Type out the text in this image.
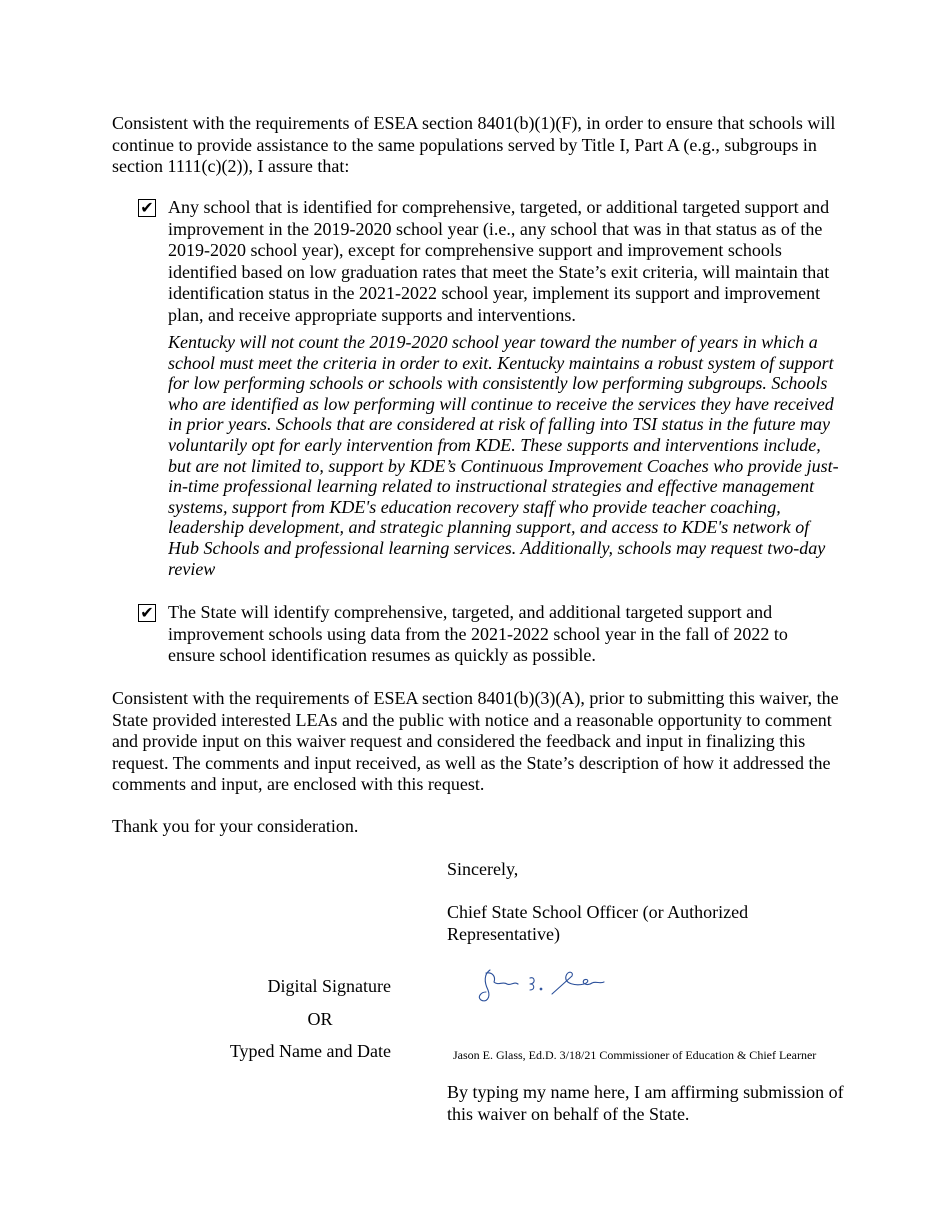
Consistent with the requirements of ESEA section 8401(b)(1)(F), in order to ensure that schools will continue to provide assistance to the same populations served by Title I, Part A (e.g., subgroups in section 1111(c)(2)), I assure that:

✔ Any school that is identified for comprehensive, targeted, or additional targeted support and improvement in the 2019-2020 school year (i.e., any school that was in that status as of the 2019-2020 school year), except for comprehensive support and improvement schools identified based on low graduation rates that meet the State’s exit criteria, will maintain that identification status in the 2021-2022 school year, implement its support and improvement plan, and receive appropriate supports and interventions.

Kentucky will not count the 2019-2020 school year toward the number of years in which a school must meet the criteria in order to exit. Kentucky maintains a robust system of support for low performing schools or schools with consistently low performing subgroups. Schools who are identified as low performing will continue to receive the services they have received in prior years. Schools that are considered at risk of falling into TSI status in the future may voluntarily opt for early intervention from KDE. These supports and interventions include, but are not limited to, support by KDE’s Continuous Improvement Coaches who provide just-in-time professional learning related to instructional strategies and effective management systems, support from KDE's education recovery staff who provide teacher coaching, leadership development, and strategic planning support, and access to KDE's network of Hub Schools and professional learning services. Additionally, schools may request two-day review
✔ The State will identify comprehensive, targeted, and additional targeted support and improvement schools using data from the 2021-2022 school year in the fall of 2022 to ensure school identification resumes as quickly as possible.

Consistent with the requirements of ESEA section 8401(b)(3)(A), prior to submitting this waiver, the State provided interested LEAs and the public with notice and a reasonable opportunity to comment and provide input on this waiver request and considered the feedback and input in finalizing this request. The comments and input received, as well as the State’s description of how it addressed the comments and input, are enclosed with this request.

Thank you for your consideration.

Sincerely,

Chief State School Officer (or Authorized Representative)

Digital Signature
OR
Typed Name and Date	Jason E. Glass, Ed.D. 3/18/21 Commissioner of Education & Chief Learner

By typing my name here, I am affirming submission of this waiver on behalf of the State.
